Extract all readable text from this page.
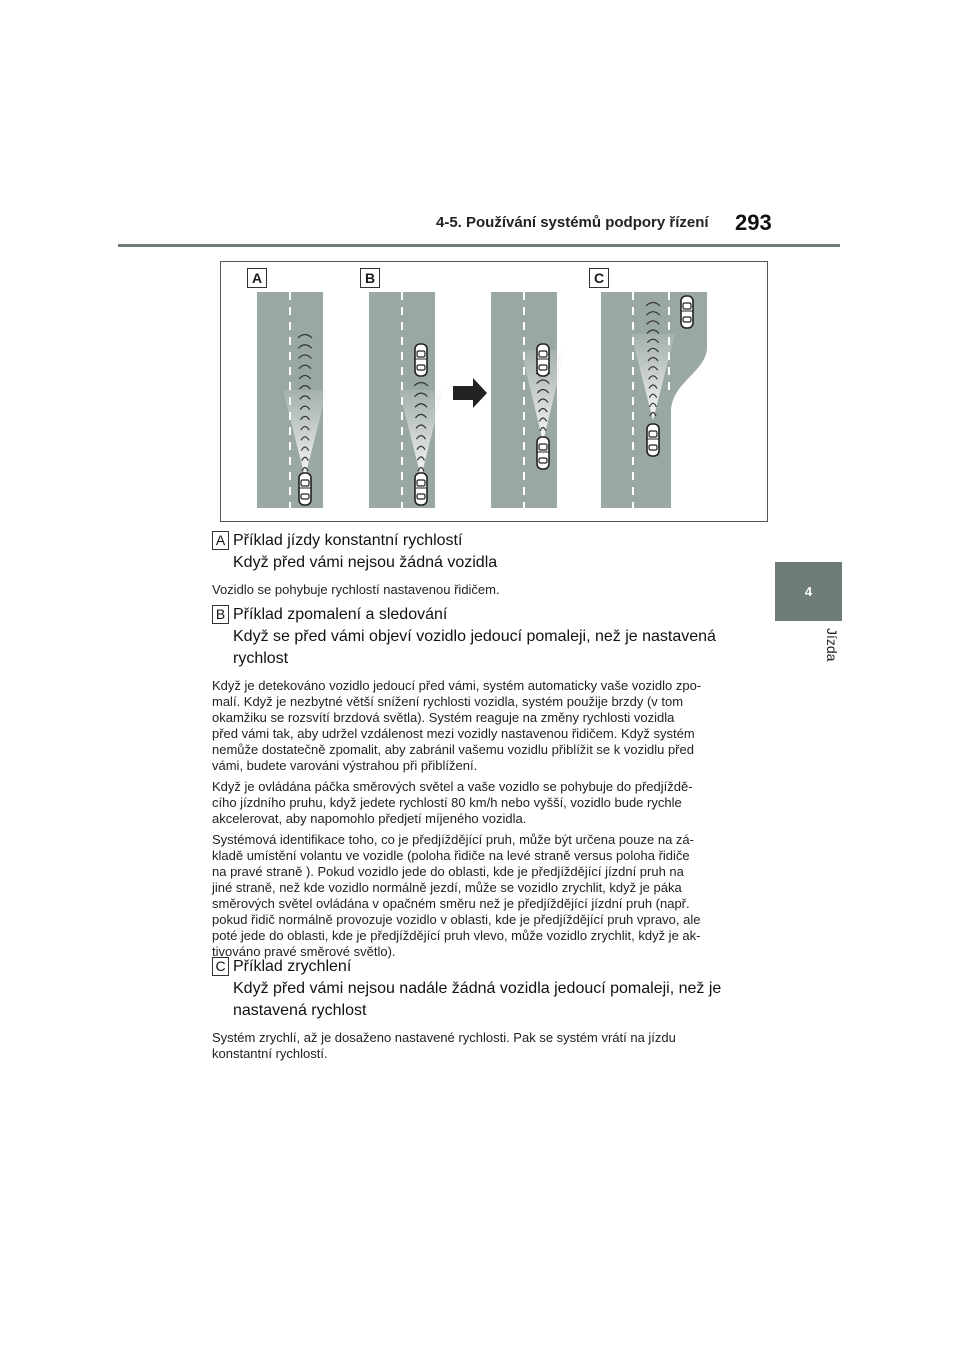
4-5. Používání systémů podpory řízení 293
4
Jízda
A	B	C
A Příklad jízdy konstantní rychlostí
Když před vámi nejsou žádná vozidla

Vozidlo se pohybuje rychlostí nastavenou řidičem.

B Příklad zpomalení a sledování
Když se před vámi objeví vozidlo jedoucí pomaleji, než je nastavená
rychlost

Když je detekováno vozidlo jedoucí před vámi, systém automaticky vaše vozidlo zpo-
malí. Když je nezbytné větší snížení rychlosti vozidla, systém použije brzdy (v tom
okamžiku se rozsvítí brzdová světla). Systém reaguje na změny rychlosti vozidla
před vámi tak, aby udržel vzdálenost mezi vozidly nastavenou řidičem. Když systém
nemůže dostatečně zpomalit, aby zabránil vašemu vozidlu přiblížit se k vozidlu před
vámi, budete varováni výstrahou při přiblížení.

Když je ovládána páčka směrových světel a vaše vozidlo se pohybuje do předjíždě-
cího jízdního pruhu, když jedete rychlostí 80 km/h nebo vyšší, vozidlo bude rychle
akcelerovat, aby napomohlo předjetí míjeného vozidla.

Systémová identifikace toho, co je předjíždějící pruh, může být určena pouze na zá-
kladě umístění volantu ve vozidle (poloha řidiče na levé straně versus poloha řidiče
na pravé straně ). Pokud vozidlo jede do oblasti, kde je předjíždějící jízdní pruh na
jiné straně, než kde vozidlo normálně jezdí, může se vozidlo zrychlit, když je páka
směrových světel ovládána v opačném směru než je předjíždějící jízdní pruh (např.
pokud řidič normálně provozuje vozidlo v oblasti, kde je předjíždějící pruh vpravo, ale
poté jede do oblasti, kde je předjíždějící pruh vlevo, může vozidlo zrychlit, když je ak-
tivováno pravé směrové světlo).

C Příklad zrychlení
Když před vámi nejsou nadále žádná vozidla jedoucí pomaleji, než je
nastavená rychlost

Systém zrychlí, až je dosaženo nastavené rychlosti. Pak se systém vrátí na jízdu
konstantní rychlostí.
